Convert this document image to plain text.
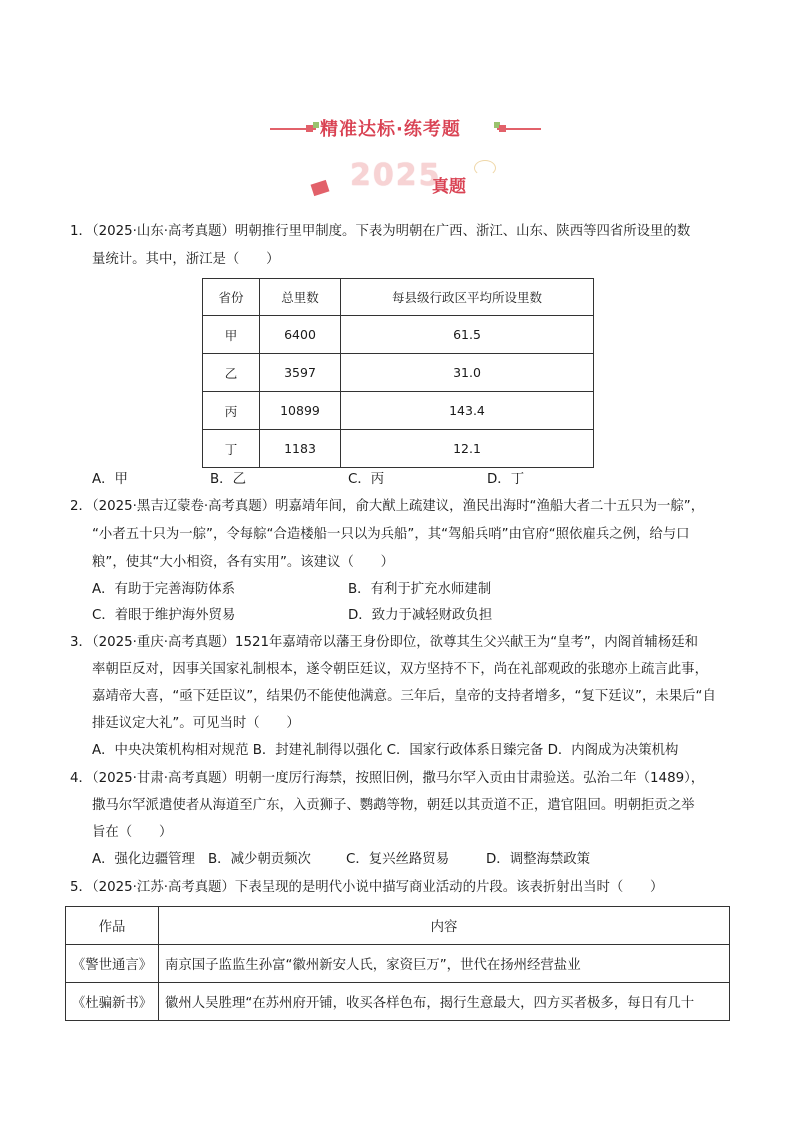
精准达标·练考题
2025
真题
1．（2025·山东·高考真题）明朝推行里甲制度。下表为明朝在广西、浙江、山东、陕西等四省所设里的数
量统计。其中，浙江是（　　）
省份	总里数	每县级行政区平均所设里数
甲	6400	61.5
乙	3597	31.0
丙	10899	143.4
丁	1183	12.1
A．甲	B．乙	C．丙	D．丁
2．（2025·黑吉辽蒙卷·高考真题）明嘉靖年间，俞大猷上疏建议，渔民出海时“渔船大者二十五只为一䑸”，
“小者五十只为一䑸”，令每䑸“合造楼船一只以为兵船”，其“驾船兵哨”由官府“照依雇兵之例，给与口
粮”，使其“大小相资，各有实用”。该建议（　　）
A．有助于完善海防体系	B．有利于扩充水师建制
C．着眼于维护海外贸易	D．致力于减轻财政负担
3．（2025·重庆·高考真题）1521年嘉靖帝以藩王身份即位，欲尊其生父兴献王为“皇考”，内阁首辅杨廷和
率朝臣反对，因事关国家礼制根本，遂令朝臣廷议，双方坚持不下，尚在礼部观政的张璁亦上疏言此事，
嘉靖帝大喜，“亟下廷臣议”，结果仍不能使他满意。三年后，皇帝的支持者增多，“复下廷议”，未果后“自
排廷议定大礼”。可见当时（　　）
A．中央决策机构相对规范 B．封建礼制得以强化 C．国家行政体系日臻完备 D．内阁成为决策机构
4．（2025·甘肃·高考真题）明朝一度厉行海禁，按照旧例，撒马尔罕入贡由甘肃验送。弘治二年（1489），
撒马尔罕派遣使者从海道至广东，入贡狮子、鹦鹉等物，朝廷以其贡道不正，遣官阻回。明朝拒贡之举
旨在（　　）
A．强化边疆管理 B．减少朝贡频次	C．复兴丝路贸易	D．调整海禁政策
5．（2025·江苏·高考真题）下表呈现的是明代小说中描写商业活动的片段。该表折射出当时（　　）
作品	内容
《警世通言》	南京国子监监生孙富“徽州新安人氏，家资巨万”，世代在扬州经营盐业
《杜骗新书》	徽州人吴胜理“在苏州府开铺，收买各样色布，揭行生意最大，四方买者极多，每日有几十
